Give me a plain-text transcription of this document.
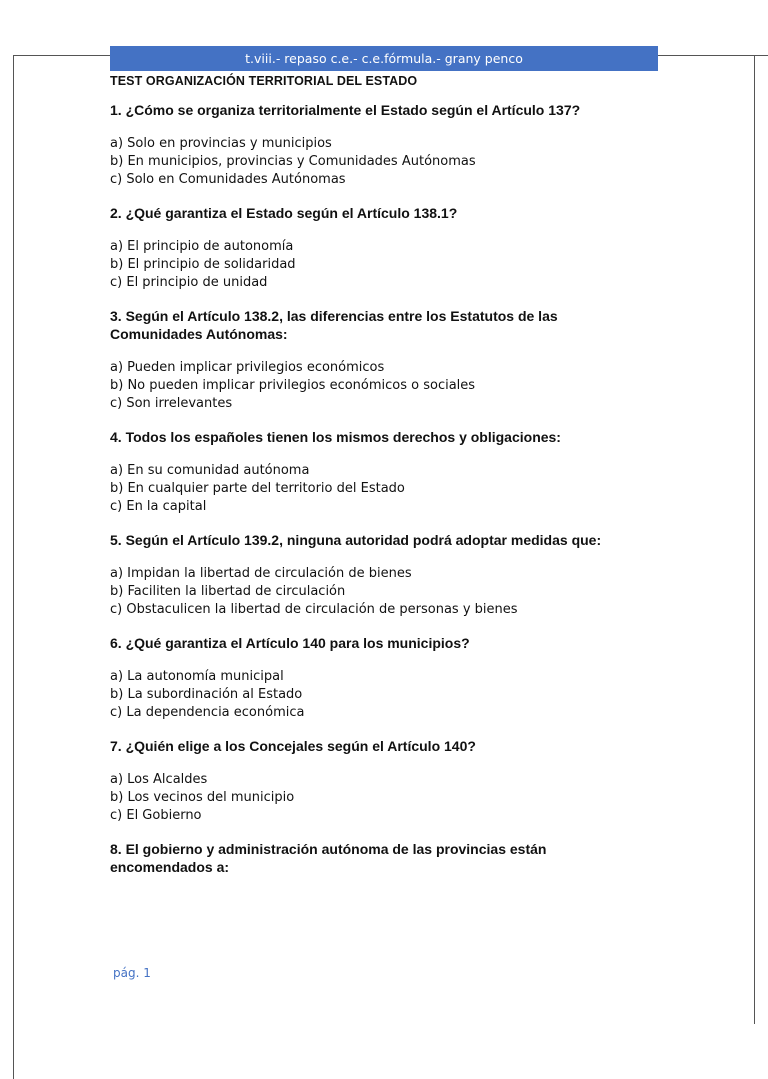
t.viii.- repaso c.e.- c.e.fórmula.- grany penco
TEST ORGANIZACIÓN TERRITORIAL DEL ESTADO
1. ¿Cómo se organiza territorialmente el Estado según el Artículo 137?
a) Solo en provincias y municipios
b) En municipios, provincias y Comunidades Autónomas
c) Solo en Comunidades Autónomas
2. ¿Qué garantiza el Estado según el Artículo 138.1?
a) El principio de autonomía
b) El principio de solidaridad
c) El principio de unidad
3. Según el Artículo 138.2, las diferencias entre los Estatutos de las Comunidades Autónomas:
a) Pueden implicar privilegios económicos
b) No pueden implicar privilegios económicos o sociales
c) Son irrelevantes
4. Todos los españoles tienen los mismos derechos y obligaciones:
a) En su comunidad autónoma
b) En cualquier parte del territorio del Estado
c) En la capital
5. Según el Artículo 139.2, ninguna autoridad podrá adoptar medidas que:
a) Impidan la libertad de circulación de bienes
b) Faciliten la libertad de circulación
c) Obstaculicen la libertad de circulación de personas y bienes
6. ¿Qué garantiza el Artículo 140 para los municipios?
a) La autonomía municipal
b) La subordinación al Estado
c) La dependencia económica
7. ¿Quién elige a los Concejales según el Artículo 140?
a) Los Alcaldes
b) Los vecinos del municipio
c) El Gobierno
8. El gobierno y administración autónoma de las provincias están encomendados a:
pág. 1
